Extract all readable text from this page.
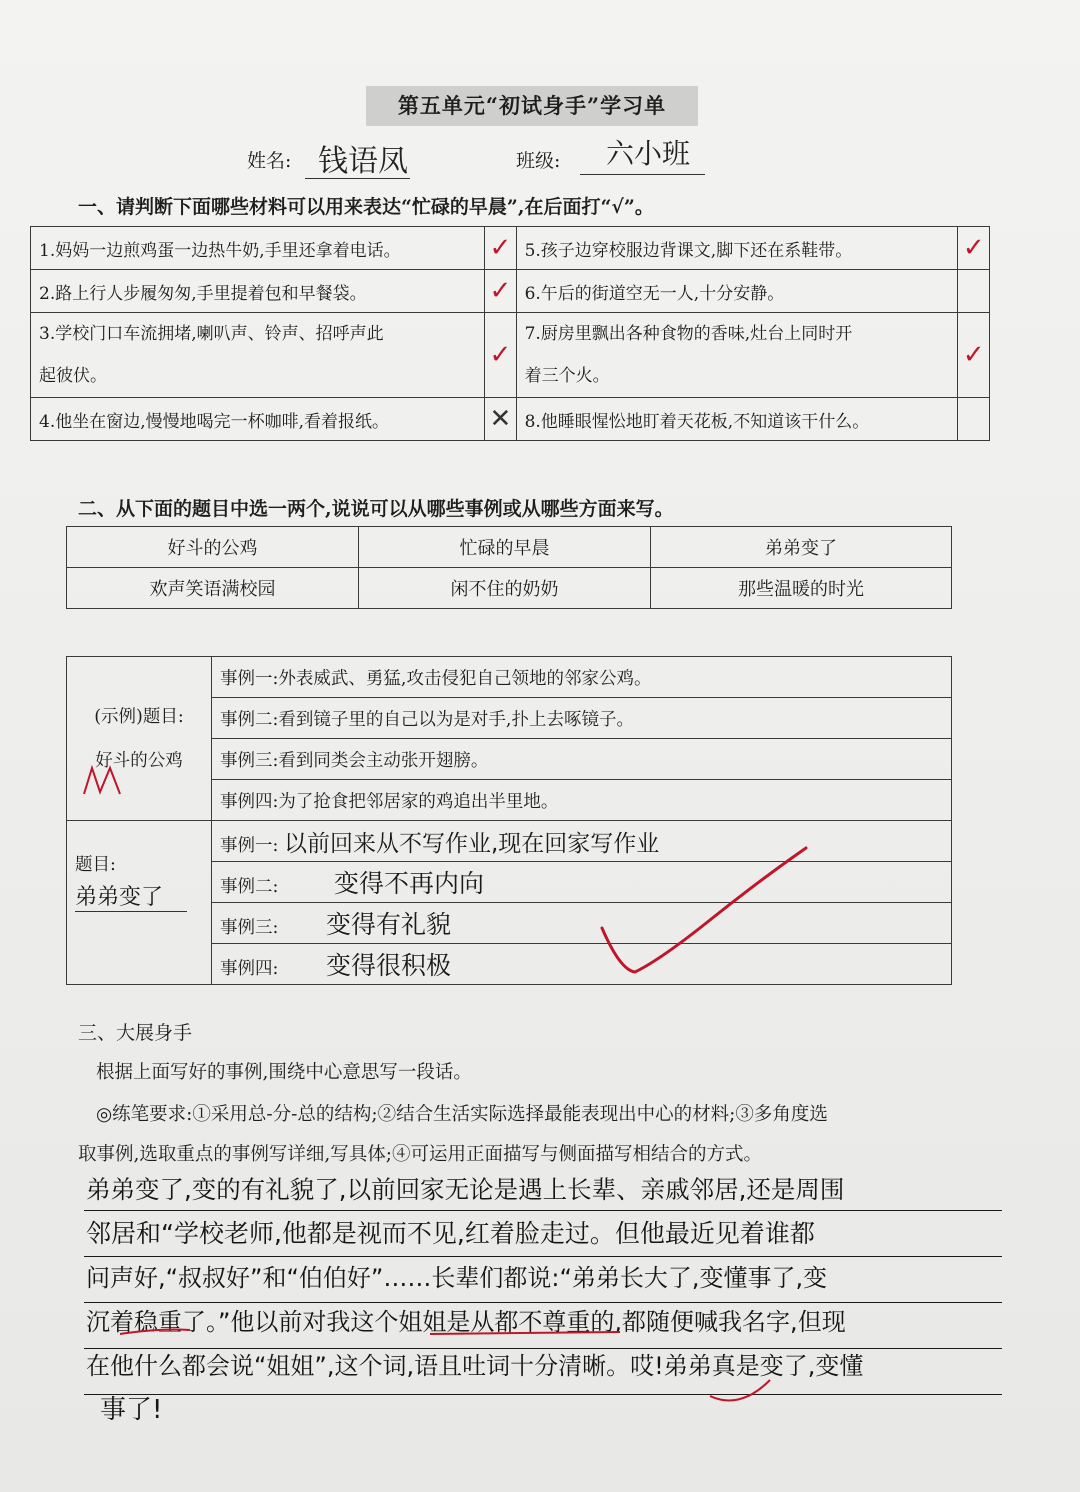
第五单元“初试身手”学习单
姓名: 钱语凤	班级: 六小班
一、请判断下面哪些材料可以用来表达“忙碌的早晨”,在后面打“√”。
1.妈妈一边煎鸡蛋一边热牛奶,手里还拿着电话。	✓	5.孩子边穿校服边背课文,脚下还在系鞋带。	✓
2.路上行人步履匆匆,手里提着包和早餐袋。	✓	6.午后的街道空无一人,十分安静。	
3.学校门口车流拥堵,喇叭声、铃声、招呼声此
起彼伏。	✓	7.厨房里飘出各种食物的香味,灶台上同时开
着三个火。	✓
4.他坐在窗边,慢慢地喝完一杯咖啡,看着报纸。	✕	8.他睡眼惺忪地盯着天花板,不知道该干什么。	
二、从下面的题目中选一两个,说说可以从哪些事例或从哪些方面来写。
好斗的公鸡	忙碌的早晨	弟弟变了
欢声笑语满校园	闲不住的奶奶	那些温暖的时光
(示例)题目:
好斗的公鸡	事例一:外表威武、勇猛,攻击侵犯自己领地的邻家公鸡。
	事例二:看到镜子里的自己以为是对手,扑上去啄镜子。
	事例三:看到同类会主动张开翅膀。
	事例四:为了抢食把邻居家的鸡追出半里地。
题目:
弟弟变了	事例一: 以前回来从不写作业,现在回家写作业
	事例二: 变得不再内向
	事例三: 变得有礼貌
	事例四: 变得很积极
三、大展身手
根据上面写好的事例,围绕中心意思写一段话。
◎练笔要求:①采用总-分-总的结构;②结合生活实际选择最能表现出中心的材料;③多角度选
取事例,选取重点的事例写详细,写具体;④可运用正面描写与侧面描写相结合的方式。
弟弟变了,变的有礼貌了,以前回家无论是遇上长辈、亲戚邻居,还是周围
邻居和“学校老师,他都是视而不见,红着脸走过。但他最近见着谁都
问声好,“叔叔好”和“伯伯好”……长辈们都说:“弟弟长大了,变懂事了,变
沉着稳重了。”他以前对我这个姐姐是从都不尊重的,都随便喊我名字,但现
在他什么都会说“姐姐”,这个词,语且吐词十分清晰。哎!弟弟真是变了,变懂
事了!
